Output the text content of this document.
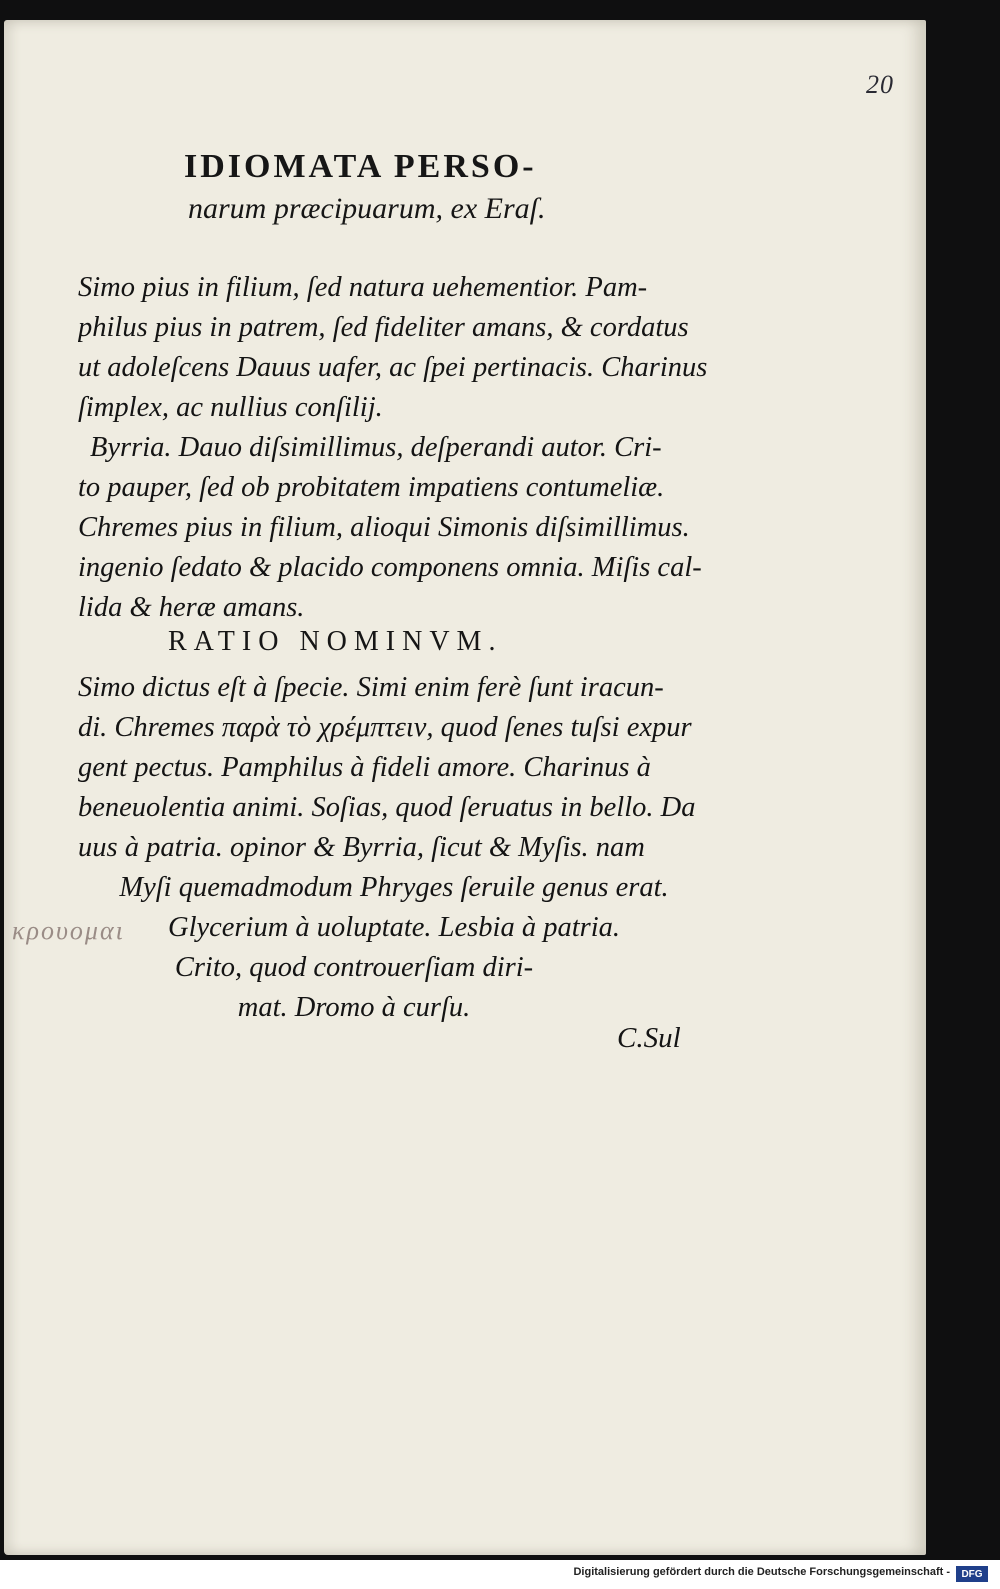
20
IDIOMATA PERSO-
narum præcipuarum, ex Eraſ.
Simo pius in filium, ſed natura uehementior. Pam-
philus pius in patrem, ſed fideliter amans, & cordatus
ut adoleſcens Dauus uafer, ac ſpei pertinacis. Charinus
ſimplex, ac nullius conſilij.
Byrria. Dauo diſsimillimus, deſperandi autor. Cri-
to pauper, ſed ob probitatem impatiens contumeliæ.
Chremes pius in filium, alioqui Simonis diſsimillimus.
ingenio ſedato & placido componens omnia. Miſis cal-
lida & heræ amans.
RATIO NOMINVM.
Simo dictus eſt à ſpecie. Simi enim ferè ſunt iracun-
di. Chremes παρὰ τὸ χρέμπτειν, quod ſenes tuſsi expur
gent pectus. Pamphilus à fideli amore. Charinus à
beneuolentia animi. Soſias, quod ſeruatus in bello. Da
uus à patria. opinor & Byrria, ſicut & Myſis. nam
Myſi quemadmodum Phryges ſeruile genus erat.
Glycerium à uoluptate. Lesbia à patria.
Crito, quod controuerſiam diri-
mat. Dromo à curſu.
κρουομαι
C.Sul
Digitalisierung gefördert durch die Deutsche Forschungsgemeinschaft -	DFG
